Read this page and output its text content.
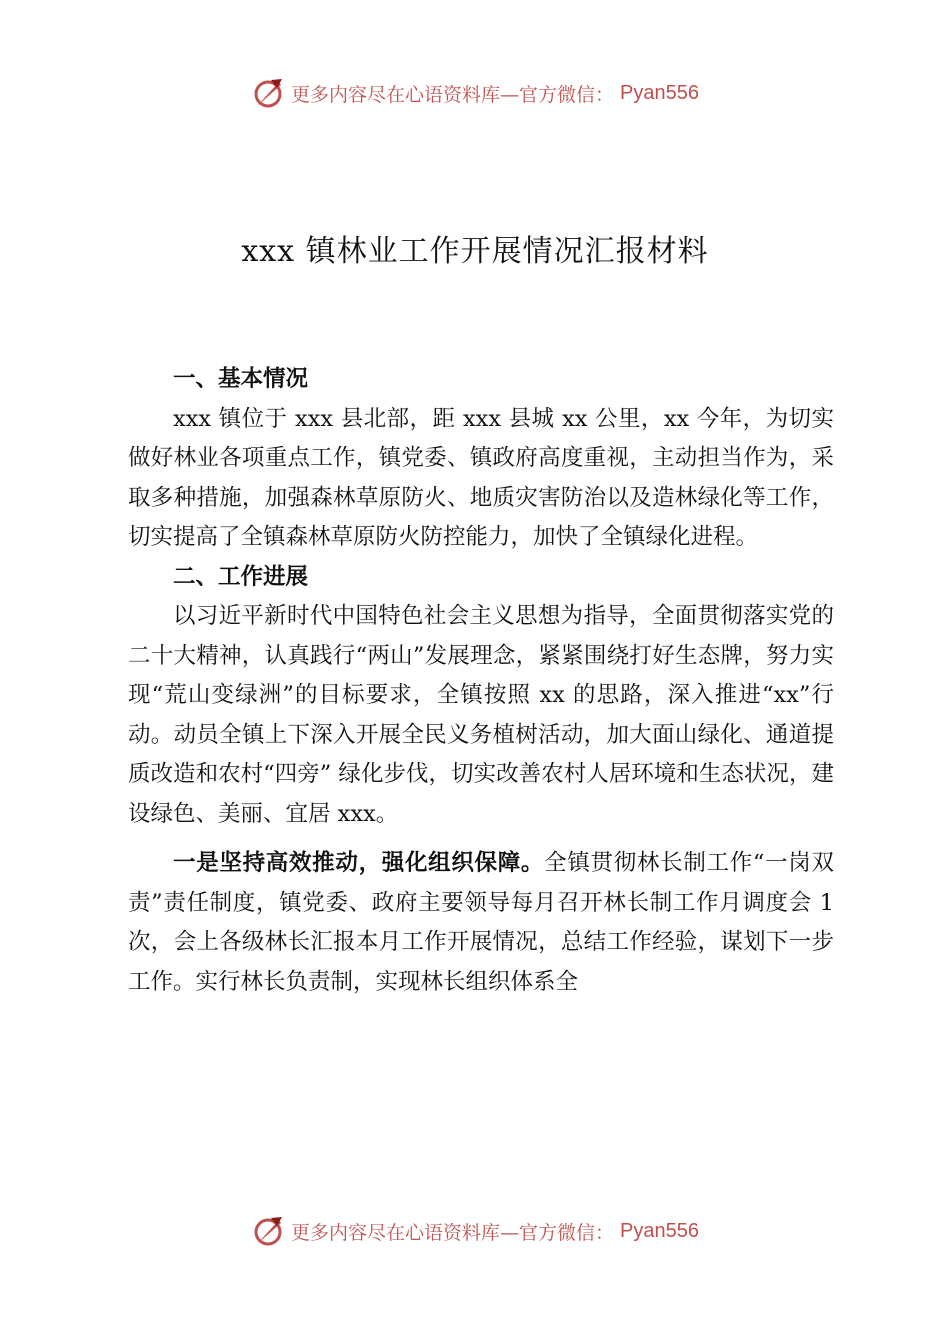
更多内容尽在心语资料库—官方微信： Pyan556
xxx 镇林业工作开展情况汇报材料
一、基本情况

xxx 镇位于 xxx 县北部，距 xxx 县城 xx 公里，xx 今年，为切实做好林业各项重点工作，镇党委、镇政府高度重视，主动担当作为，采取多种措施，加强森林草原防火、地质灾害防治以及造林绿化等工作，切实提高了全镇森林草原防火防控能力，加快了全镇绿化进程。

二、工作进展

以习近平新时代中国特色社会主义思想为指导，全面贯彻落实党的二十大精神，认真践行“两山”发展理念，紧紧围绕打好生态牌，努力实现“荒山变绿洲”的目标要求，全镇按照 xx 的思路，深入推进“xx”行动。动员全镇上下深入开展全民义务植树活动，加大面山绿化、通道提质改造和农村“四旁” 绿化步伐，切实改善农村人居环境和生态状况，建设绿色、美丽、宜居 xxx。

一是坚持高效推动，强化组织保障。全镇贯彻林长制工作“一岗双责”责任制度，镇党委、政府主要领导每月召开林长制工作月调度会 1 次，会上各级林长汇报本月工作开展情况，总结工作经验，谋划下一步工作。实行林长负责制，实现林长组织体系全

更多内容尽在心语资料库—官方微信： Pyan556
